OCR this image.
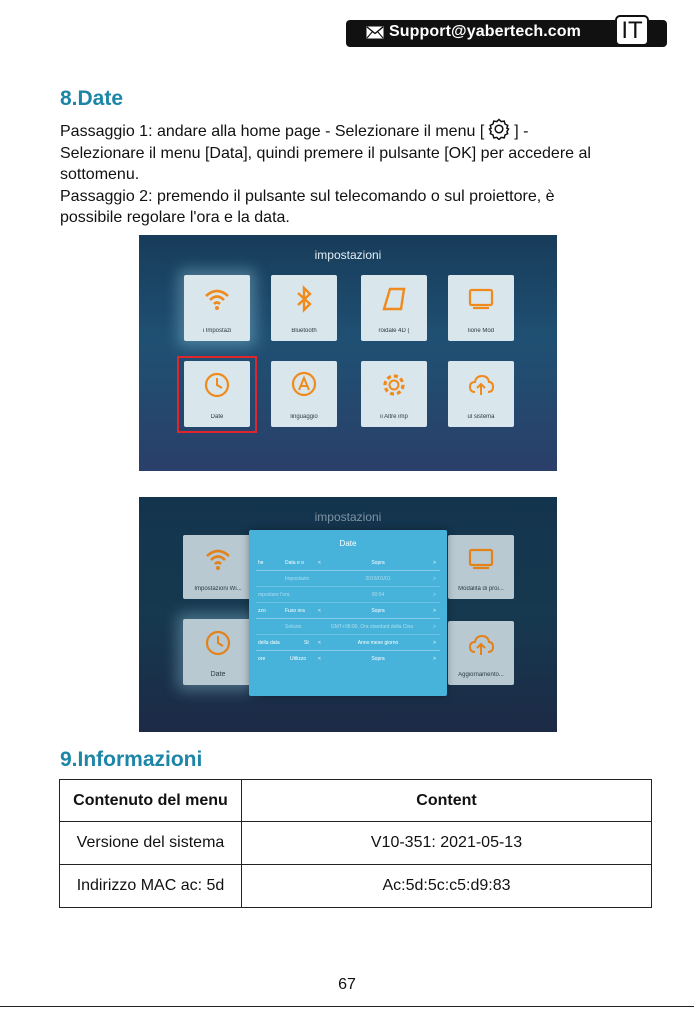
Support@yabertech.com IT
8.Date

Passaggio 1: andare alla home page - Selezionare il menu [ ] -

Selezionare il menu [Data], quindi premere il pulsante [OK] per accedere al

sottomenu.

Passaggio 2: premendo il pulsante sul telecomando o sul proiettore, è

possibile regolare l'ora e la data.

impostazioni
i Impostazi	Bluetooth	roidale 4D (	lione Mod
Date	linguaggio	ii Altre imp	ul sistema
impostazioni
Impostazioni Wi...	Modalità di proi...
Date	Aggiornamento...
Date
he	Data e o	<	Sopra	>
Impostazio	2016/01/01	>
mpostare l'ora	00:54	>
zzo	Fuso ora	<	Sopra	>
Selezio	GMT+08:00, Ora standard della Cina	>
della data	St <	Anno mese giorno	>
ore	Utilizzo <	Sopra	>
9.Informazioni
Contenuto del menu	Content
Versione del sistema	V10-351: 2021-05-13
Indirizzo MAC ac: 5d	Ac:5d:5c:c5:d9:83
67
